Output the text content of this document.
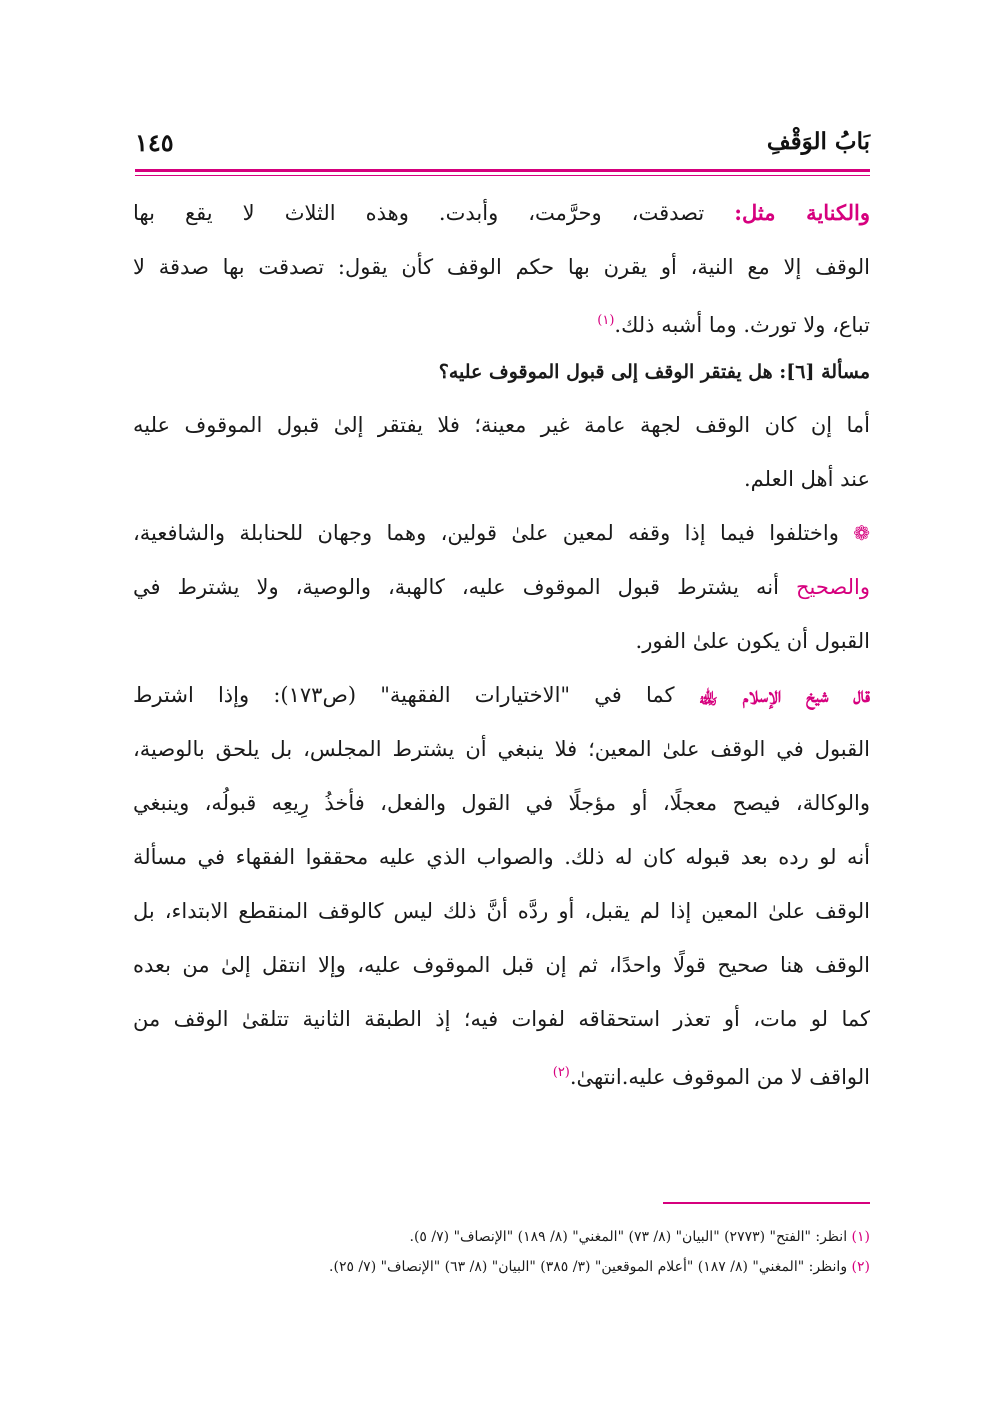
بَابُ الوَقْفِ
١٤٥
والكناية مثل: تصدقت، وحرَّمت، وأبدت. وهذه الثلاث لا يقع بها
الوقف إلا مع النية، أو يقرن بها حكم الوقف كأن يقول: تصدقت بها صدقة لا
تباع، ولا تورث. وما أشبه ذلك.$^{(١)}$
مسألة [٦]: هل يفتقر الوقف إلى قبول الموقوف عليه؟
أما إن كان الوقف لجهة عامة غير معينة؛ فلا يفتقر إلىٰ قبول الموقوف عليه
عند أهل العلم.
❁ واختلفوا فيما إذا وقفه لمعين علىٰ قولين، وهما وجهان للحنابلة والشافعية،
والصحيح أنه يشترط قبول الموقوف عليه، كالهبة، والوصية، ولا يشترط في
القبول أن يكون علىٰ الفور.
قال شيخ الإسلام ﵀ كما في "الاختيارات الفقهية" (ص١٧٣): وإذا اشترط
القبول في الوقف علىٰ المعين؛ فلا ينبغي أن يشترط المجلس، بل يلحق بالوصية،
والوكالة، فيصح معجلًا، أو مؤجلًا في القول والفعل، فأخذُ رِيعِه قبولُه، وينبغي
أنه لو رده بعد قبوله كان له ذلك. والصواب الذي عليه محققوا الفقهاء في مسألة
الوقف علىٰ المعين إذا لم يقبل، أو ردَّه أنَّ ذلك ليس كالوقف المنقطع الابتداء، بل
الوقف هنا صحيح قولًا واحدًا، ثم إن قبل الموقوف عليه، وإلا انتقل إلىٰ من بعده
كما لو مات، أو تعذر استحقاقه لفوات فيه؛ إذ الطبقة الثانية تتلقىٰ الوقف من
الواقف لا من الموقوف عليه.انتهىٰ.$^{(٢)}$
(١) انظر: "الفتح" (٢٧٧٣) "البيان" (٨/ ٧٣) "المغني" (٨/ ١٨٩) "الإنصاف" (٧/ ٥).
(٢) وانظر: "المغني" (٨/ ١٨٧) "أعلام الموقعين" (٣/ ٣٨٥) "البيان" (٨/ ٦٣) "الإنصاف" (٧/ ٢٥).
